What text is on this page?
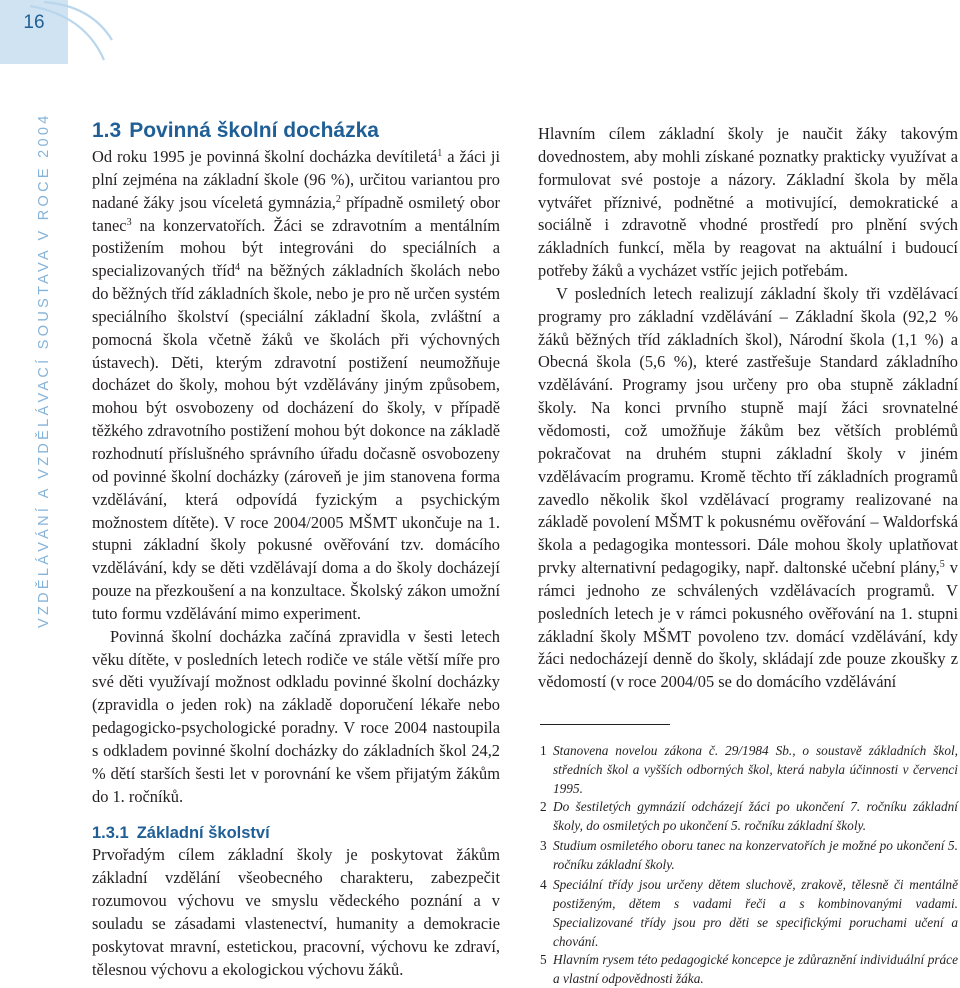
16
VZDĚLÁVÁNÍ A VZDĚLÁVACÍ SOUSTAVA V ROCE 2004 1.3 Povinná školní docházka

Od roku 1995 je povinná školní docházka devítiletá$^1$ a žáci ji plní zejména na základní škole (96 %), určitou variantou pro nadané žáky jsou víceletá gymnázia,$^2$ případně osmiletý obor tanec$^3$ na konzervatořích. Žáci se zdravotním a mentálním postižením mohou být integrováni do speciálních a specializovaných tříd$^4$ na běžných základních školách nebo do běžných tříd základních škole, nebo je pro ně určen systém speciálního školství (speciální základní škola, zvláštní a pomocná škola včetně žáků ve školách při výchovných ústavech). Děti, kterým zdravotní postižení neumožňuje docházet do školy, mohou být vzdělávány jiným způsobem, mohou být osvobozeny od docházení do školy, v případě těžkého zdravotního postižení mohou být dokonce na základě rozhodnutí příslušného správního úřadu dočasně osvobozeny od povinné školní docházky (zároveň je jim stanovena forma vzdělávání, která odpovídá fyzickým a psychickým možnostem dítěte). V roce 2004/2005 MŠMT ukončuje na 1. stupni základní školy pokusné ověřování tzv. domácího vzdělávání, kdy se děti vzdělávají doma a do školy docházejí pouze na přezkoušení a na konzultace. Školský zákon umožní tuto formu vzdělávání mimo experiment.

Povinná školní docházka začíná zpravidla v šesti letech věku dítěte, v posledních letech rodiče ve stále větší míře pro své děti využívají možnost odkladu povinné školní docházky (zpravidla o jeden rok) na základě doporučení lékaře nebo pedagogicko-psychologické poradny. V roce 2004 nastoupila s odkladem povinné školní docházky do základních škol 24,2 % dětí starších šesti let v porovnání ke všem přijatým žákům do 1. ročníků.

1.3.1 Základní školství

Prvořadým cílem základní školy je poskytovat žákům základní vzdělání všeobecného charakteru, zabezpečit rozumovou výchovu ve smyslu vědeckého poznání a v souladu se zásadami vlastenectví, humanity a demokracie poskytovat mravní, estetickou, pracovní, výchovu ke zdraví, tělesnou výchovu a ekologickou výchovu žáků.

Hlavním cílem základní školy je naučit žáky takovým dovednostem, aby mohli získané poznatky prakticky využívat a formulovat své postoje a názory. Základní škola by měla vytvářet příznivé, podnětné a motivující, demokratické a sociálně i zdravotně vhodné prostředí pro plnění svých základních funkcí, měla by reagovat na aktuální i budoucí potřeby žáků a vycházet vstříc jejich potřebám.

V posledních letech realizují základní školy tři vzdělávací programy pro základní vzdělávání – Základní škola (92,2 % žáků běžných tříd základních škol), Národní škola (1,1 %) a Obecná škola (5,6 %), které zastřešuje Standard základního vzdělávání. Programy jsou určeny pro oba stupně základní školy. Na konci prvního stupně mají žáci srovnatelné vědomosti, což umožňuje žákům bez větších problémů pokračovat na druhém stupni základní školy v jiném vzdělávacím programu. Kromě těchto tří základních programů zavedlo několik škol vzdělávací programy realizované na základě povolení MŠMT k pokusnému ověřování – Waldorfská škola a pedagogika montessori. Dále mohou školy uplatňovat prvky alternativní pedagogiky, např. daltonské učební plány,$^5$ v rámci jednoho ze schválených vzdělávacích programů. V posledních letech je v rámci pokusného ověřování na 1. stupni základní školy MŠMT povoleno tzv. domácí vzdělávání, kdy žáci nedocházejí denně do školy, skládají zde pouze zkoušky z vědomostí (v roce 2004/05 se do domácího vzdělávání

1 Stanovena novelou zákona č. 29/1984 Sb., o soustavě základních škol, středních škol a vyšších odborných škol, která nabyla účinnosti v červenci 1995.
2 Do šestiletých gymnázií odcházejí žáci po ukončení 7. ročníku základní školy, do osmiletých po ukončení 5. ročníku základní školy.
3 Studium osmiletého oboru tanec na konzervatořích je možné po ukončení 5. ročníku základní školy.
4 Speciální třídy jsou určeny dětem sluchově, zrakově, tělesně či mentálně postiženým, dětem s vadami řeči a s kombinovanými vadami. Specializované třídy jsou pro děti se specifickými poruchami učení a chování.
5 Hlavním rysem této pedagogické koncepce je zdůraznění individuální práce a vlastní odpovědnosti žáka.
